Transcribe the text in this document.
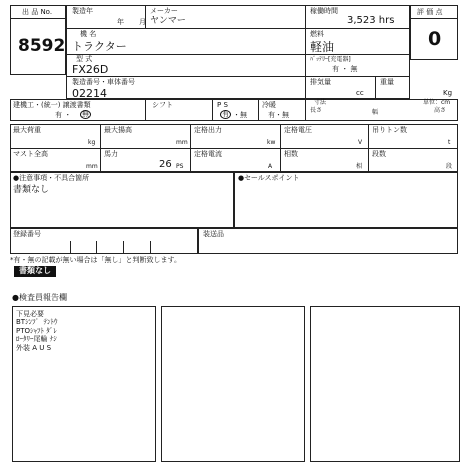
出 品 No.
8592
評 価 点
0
製造年
年 月
メーカー
ヤンマー
稼働時間
3,523 hrs
機 名
トラクター
燃料
軽油
型 式
FX26D
ﾊﾞｯﾃﾘｰ[充電器]
有 ・ 無
製造番号・車体番号
02214
排気量
cc
重量
Kg
建機工・(統一) 譲渡書類
有 ・ 無
シフト	P S
有 ・無
冷暖
有・無
寸法	単位：cm
長さ	幅	高さ
最大荷重
kg
最大揚高
mm
定格出力
kw
定格電圧
V
吊りトン数
t
マスト全高
mm
馬力
26 PS
定格電流
A
相数
相
段数
段
●注意事項・不具合箇所
書類なし
●セールスポイント
登録番号	装送品
*有・無の記載が無い場合は「無し」と判断致します。
書類なし
●検査員報告欄
下見必要
BTｼﾝﾌﾟ  ﾃﾝﾄｳ
PTOｼｬﾌﾄ ﾀﾞﾚ
ﾛｰﾀﾘｰ尾輪 ﾅｼ
外装 A U S
